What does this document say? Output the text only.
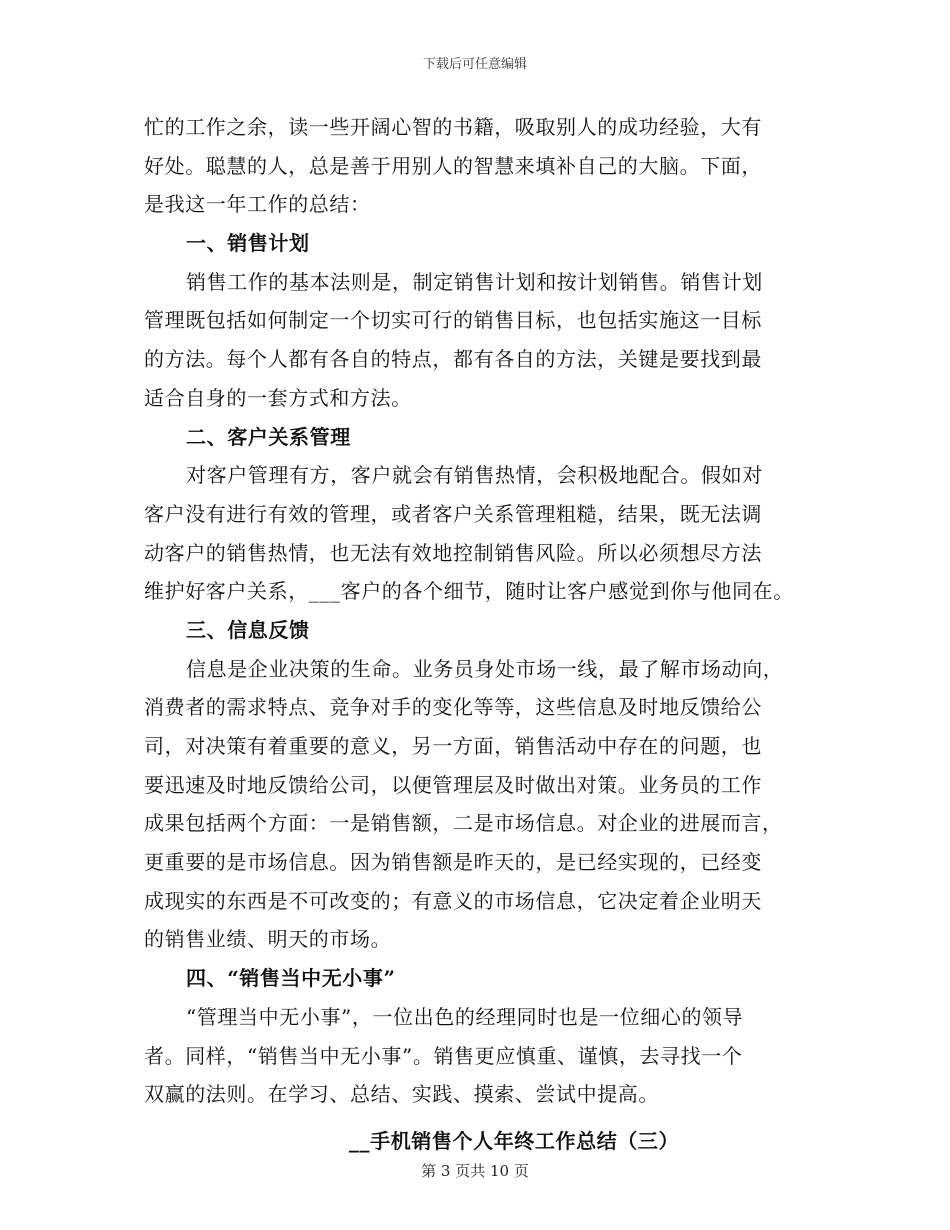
下载后可任意编辑
忙的工作之余，读一些开阔心智的书籍，吸取别人的成功经验，大有
好处。聪慧的人，总是善于用别人的智慧来填补自己的大脑。下面，
是我这一年工作的总结：
一、销售计划
销售工作的基本法则是，制定销售计划和按计划销售。销售计划
管理既包括如何制定一个切实可行的销售目标，也包括实施这一目标
的方法。每个人都有各自的特点，都有各自的方法，关键是要找到最
适合自身的一套方式和方法。
二、客户关系管理
对客户管理有方，客户就会有销售热情，会积极地配合。假如对
客户没有进行有效的管理，或者客户关系管理粗糙，结果，既无法调
动客户的销售热情，也无法有效地控制销售风险。所以必须想尽方法
维护好客户关系，___客户的各个细节，随时让客户感觉到你与他同在。
三、信息反馈
信息是企业决策的生命。业务员身处市场一线，最了解市场动向，
消费者的需求特点、竞争对手的变化等等，这些信息及时地反馈给公
司，对决策有着重要的意义，另一方面，销售活动中存在的问题，也
要迅速及时地反馈给公司，以便管理层及时做出对策。业务员的工作
成果包括两个方面：一是销售额，二是市场信息。对企业的进展而言，
更重要的是市场信息。因为销售额是昨天的，是已经实现的，已经变
成现实的东西是不可改变的；有意义的市场信息，它决定着企业明天
的销售业绩、明天的市场。
四、“销售当中无小事”
“管理当中无小事”，一位出色的经理同时也是一位细心的领导
者。同样，“销售当中无小事”。销售更应慎重、谨慎，去寻找一个
双赢的法则。在学习、总结、实践、摸索、尝试中提高。
__手机销售个人年终工作总结（三）
第 3 页共 10 页
